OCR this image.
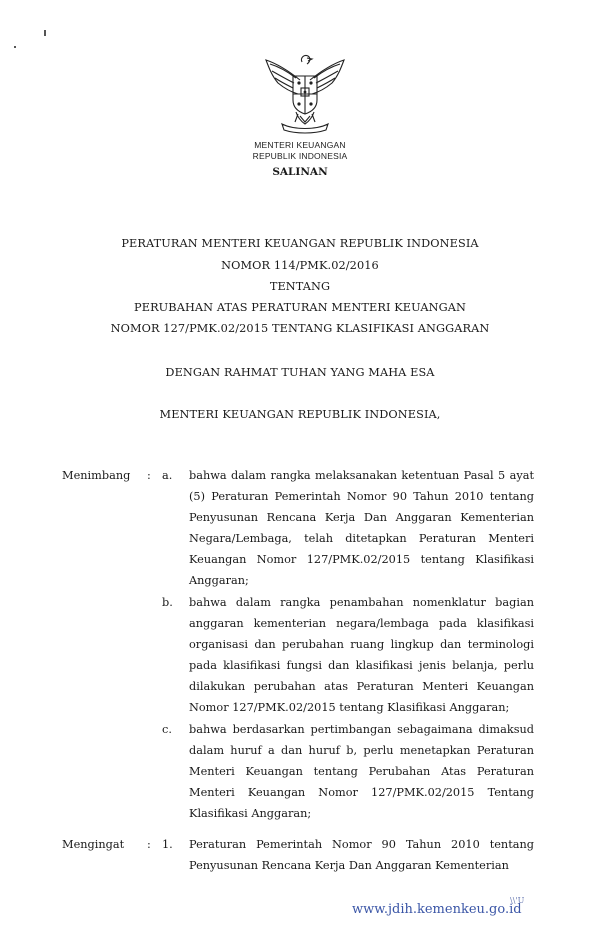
MENTERI KEUANGAN
REPUBLIK INDONESIA
SALINAN
PERATURAN MENTERI KEUANGAN REPUBLIK INDONESIA
NOMOR 114/PMK.02/2016
TENTANG
PERUBAHAN ATAS PERATURAN MENTERI KEUANGAN
NOMOR 127/PMK.02/2015 TENTANG KLASIFIKASI ANGGARAN
DENGAN RAHMAT TUHAN YANG MAHA ESA
MENTERI KEUANGAN REPUBLIK INDONESIA,
Menimbang : a. bahwa dalam rangka melaksanakan ketentuan Pasal 5 ayat (5) Peraturan Pemerintah Nomor 90 Tahun 2010 tentang Penyusunan Rencana Kerja Dan Anggaran Kementerian Negara/Lembaga, telah ditetapkan Peraturan Menteri Keuangan Nomor 127/PMK.02/2015 tentang Klasifikasi Anggaran;

b. bahwa dalam rangka penambahan nomenklatur bagian anggaran kementerian negara/lembaga pada klasifikasi organisasi dan perubahan ruang lingkup dan terminologi pada klasifikasi fungsi dan klasifikasi jenis belanja, perlu dilakukan perubahan atas Peraturan Menteri Keuangan Nomor 127/PMK.02/2015 tentang Klasifikasi Anggaran;

c. bahwa berdasarkan pertimbangan sebagaimana dimaksud dalam huruf a dan huruf b, perlu menetapkan Peraturan Menteri Keuangan tentang Perubahan Atas Peraturan Menteri Keuangan Nomor 127/PMK.02/2015 Tentang Klasifikasi Anggaran;

Mengingat : 1. Peraturan Pemerintah Nomor 90 Tahun 2010 tentang Penyusunan Rencana Kerja Dan Anggaran Kementerian

www.jdih.kemenkeu.go.id
\\'U
